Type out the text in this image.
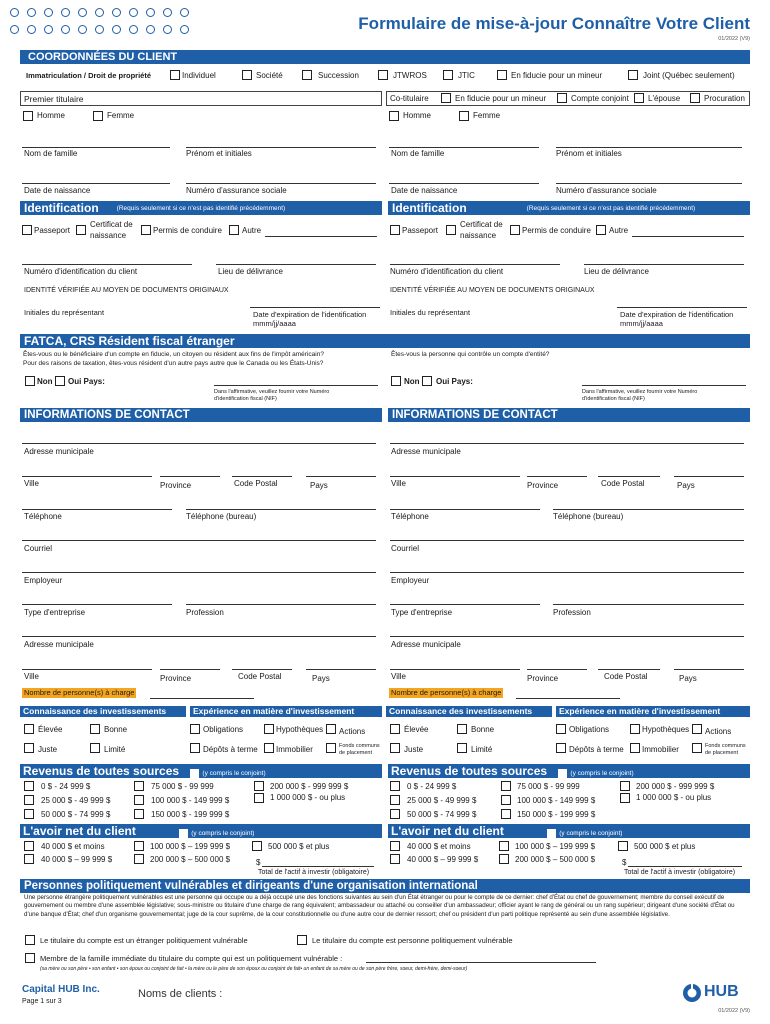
Formulaire de mise-à-jour Connaître Votre Client
01/2022 (V9)
COORDONNÉES DU CLIENT
Immatriculation / Droit de propriété	Individuel	Société	Succession	JTWROS	JTIC	En fiducie pour un mineur	Joint (Québec seulement)
Premier titulaire
Homme	Femme
Nom de famille	Prénom et initiales
Date de naissance	Numéro d'assurance sociale
Co-titulaire	En fiducie pour un mineur	Compte conjoint L'épouse	Procuration
Homme	Femme
Nom de famille	Prénom et initiales
Date de naissance	Numéro d'assurance sociale
Identification	(Requis seulement si ce n'est pas identifié précédemment)
Passeport
Certificat de
naissance
Permis de conduire	Autre
Numéro d'identification du client	Lieu de délivrance
IDENTITÉ VÉRIFIÉE AU MOYEN DE DOCUMENTS ORIGINAUX
Initiales du représentant	Date d'expiration de l'identification
mmm/jj/aaaa
Identification	(Requis seulement si ce n'est pas identifié précédemment)
Passeport
Certificat de
naissance
Permis de conduire Autre
Numéro d'identification du client	Lieu de délivrance
IDENTITÉ VÉRIFIÉE AU MOYEN DE DOCUMENTS ORIGINAUX
Initiales du représentant	Date d'expiration de l'identification
mmm/jj/aaaa
FATCA, CRS Résident fiscal étranger
Êtes-vous ou le bénéficiaire d'un compte en fiducie, un citoyen ou résident aux fins de l'impôt américain?
Pour des raisons de taxation, êtes-vous résident d'un autre pays autre que le Canada ou les États-Unis?
Êtes-vous la personne qui contrôle un compte d'entité?
Non Oui Pays:
Dans l'affirmative, veuillez fournir votre Numéro
d'identification fiscal (NIF)
Non Oui Pays:
Dans l'affirmative, veuillez fournir votre Numéro
d'identification fiscal (NIF)
INFORMATIONS DE CONTACT	INFORMATIONS DE CONTACT
Adresse municipale
Ville	Province	Code Postal	Pays
Téléphone	Téléphone (bureau)
Courriel
Employeur
Type d'entreprise	Profession
Adresse municipale
Ville	Province	Code Postal	Pays
Nombre de personne(s) à charge
Adresse municipale
Ville	Province	Code Postal	Pays
Téléphone	Téléphone (bureau)
Courriel
Employeur
Type d'entreprise	Profession
Adresse municipale
Ville	Province	Code Postal	Pays
Nombre de personne(s) à charge
Connaissance des investissements	Expérience en matière d'investissement
Élevée	Bonne	Obligations	Hypothèques Actions
Juste	Limité	Dépôts à terme Immobilier	Fonds communs
de placement
Connaissance des investissements	Expérience en matière d'investissement
Élevée	Bonne	Obligations	Hypothèques Actions
Juste	Limité	Dépôts à terme Immobilier	Fonds communs
de placement
Revenus de toutes sources	(y compris le conjoint)	Revenus de toutes sources	(y compris le conjoint)
0 $ - 24 999 $
25 000 $ - 49 999 $
50 000 $ - 74 999 $
75 000 $ - 99 999
100 000 $ - 149 999 $
150 000 $ - 199 999 $
200 000 $ - 999 999 $
1 000 000 $ - ou plus
0 $ - 24 999 $
25 000 $ - 49 999 $
50 000 $ - 74 999 $
75 000 $ - 99 999
100 000 $ - 149 999 $
150 000 $ - 199 999 $
200 000 $ - 999 999 $
1 000 000 $ - ou plus
L'avoir net du client	(y compris le conjoint)	L'avoir net du client	(y compris le conjoint)
40 000 $ et moins
40 000 $ – 99 999 $
100 000 $ – 199 999 $
200 000 $ – 500 000 $
500 000 $ et plus
$
Total de l'actif à investir (obligatoire)
40 000 $ et moins
40 000 $ – 99 999 $
100 000 $ – 199 999 $
200 000 $ – 500 000 $
500 000 $ et plus
$
Total de l'actif à investir (obligatoire)
Personnes politiquement vulnérables et dirigeants d'une organisation international
Une personne étrangère politiquement vulnérables est une personne qui occupe ou a déjà occupé une des fonctions suivantes au sein d'un État étranger ou pour le compte de ce dernier: chef d'État ou chef de gouvernement; membre du conseil exécutif de gouvernement ou membre d'une assemblée législative; sous-ministre ou titulaire d'une charge de rang équivalent; ambassadeur ou attaché ou conseiller d'un ambassadeur; officier ayant le rang de général ou un rang supérieur; dirigeant d'une société d'État ou d'une banque d'État; chef d'un organisme gouvernemental; juge de la cour suprême, de la cour constitutionnelle ou d'une autre cour de dernier ressort; chef ou président d'un parti politique représenté au sein d'une assemblée législative.
Le titulaire du compte est un étranger politiquement vulnérable	Le titulaire du compte est personne politiquement vulnérable
Membre de la famille immédiate du titulaire du compte qui est un politiquement vulnérable :
(sa mère ou son père • son enfant • son époux ou conjoint de fait • la mère ou le père de son époux ou conjoint de fait• un enfant de sa mère ou de son père frère, soeur, demi-frère, demi-soeur)
Capital HUB Inc.
Page 1 sur 3
Noms de clients :	HUB
01/2022 (V9)
